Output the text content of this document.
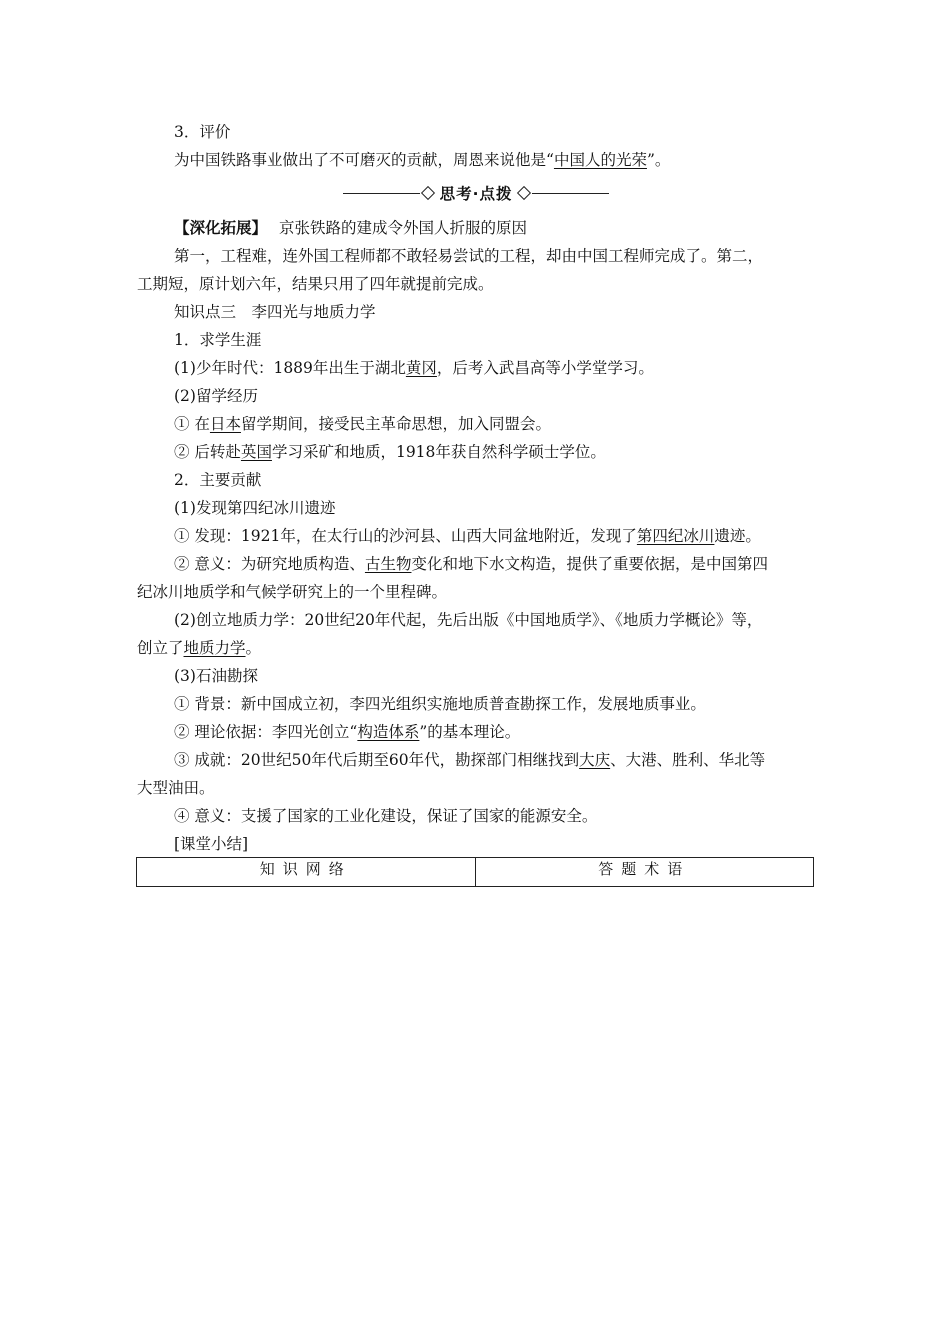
3．评价
为中国铁路事业做出了不可磨灭的贡献，周恩来说他是“中国人的光荣”。
思考·点拨
【深化拓展】 京张铁路的建成令外国人折服的原因
第一，工程难，连外国工程师都不敢轻易尝试的工程，却由中国工程师完成了。第二，
工期短，原计划六年，结果只用了四年就提前完成。
知识点三　李四光与地质力学
1．求学生涯
(1)少年时代：1889年出生于湖北黄冈，后考入武昌高等小学堂学习。
(2)留学经历
① 在日本留学期间，接受民主革命思想，加入同盟会。
② 后转赴英国学习采矿和地质，1918年获自然科学硕士学位。
2．主要贡献
(1)发现第四纪冰川遗迹
① 发现：1921年，在太行山的沙河县、山西大同盆地附近，发现了第四纪冰川遗迹。
② 意义：为研究地质构造、古生物变化和地下水文构造，提供了重要依据，是中国第四
纪冰川地质学和气候学研究上的一个里程碑。
(2)创立地质力学：20世纪20年代起，先后出版《中国地质学》、《地质力学概论》等，
创立了地质力学。
(3)石油勘探
① 背景：新中国成立初，李四光组织实施地质普查勘探工作，发展地质事业。
② 理论依据：李四光创立“构造体系”的基本理论。
③ 成就：20世纪50年代后期至60年代，勘探部门相继找到大庆、大港、胜利、华北等
大型油田。
④ 意义：支援了国家的工业化建设，保证了国家的能源安全。
[课堂小结]
知识网络	答题术语
